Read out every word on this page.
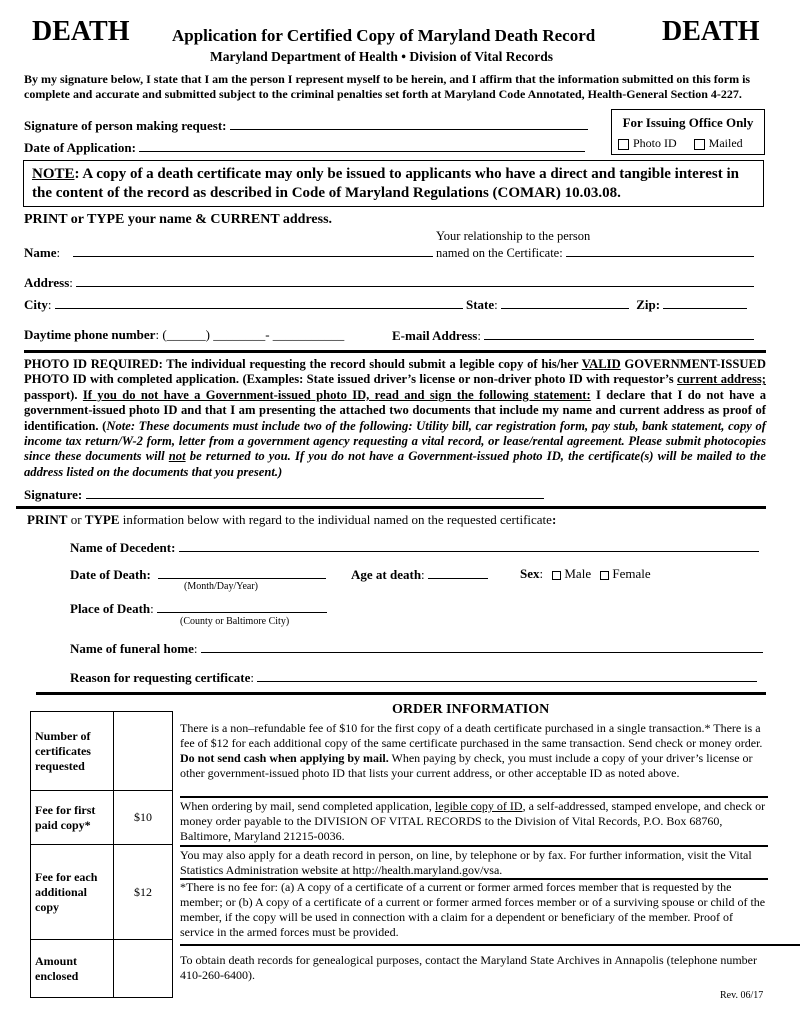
DEATH	DEATH
Application for Certified Copy of Maryland Death Record
Maryland Department of Health • Division of Vital Records
By my signature below, I state that I am the person I represent myself to be herein, and I affirm that the information submitted on this form is complete and accurate and submitted subject to the criminal penalties set forth at Maryland Code Annotated, Health-General Section 4-227.
Signature of person making request:
Date of Application:
For Issuing Office Only
Photo ID	Mailed
NOTE: A copy of a death certificate may only be issued to applicants who have a direct and tangible interest in the content of the record as described in Code of Maryland Regulations (COMAR) 10.03.08.
PRINT or TYPE your name & CURRENT address.
Your relationship to the person
named on the Certificate:
Name:
Address:
City:	State:	Zip:
Daytime phone number: (______) ________- ___________	E-mail Address:
PHOTO ID REQUIRED: The individual requesting the record should submit a legible copy of his/her VALID GOVERNMENT-ISSUED PHOTO ID with completed application. (Examples: State issued driver’s license or non-driver photo ID with requestor’s current address; passport). If you do not have a Government-issued photo ID, read and sign the following statement: I declare that I do not have a government-issued photo ID and that I am presenting the attached two documents that include my name and current address as proof of identification. (Note: These documents must include two of the following: Utility bill, car registration form, pay stub, bank statement, copy of income tax return/W-2 form, letter from a government agency requesting a vital record, or lease/rental agreement. Please submit photocopies since these documents will not be returned to you. If you do not have a Government-issued photo ID, the certificate(s) will be mailed to the address listed on the documents that you present.)
Signature:
PRINT or TYPE information below with regard to the individual named on the requested certificate:
Name of Decedent:
Date of Death:
(Month/Day/Year)
Age at death:	Sex: Male Female
Place of Death:
(County or Baltimore City)
Name of funeral home:
Reason for requesting certificate:
ORDER INFORMATION
Number of certificates requested	
Fee for first paid copy*	$10
Fee for each additional copy	$12
Amount enclosed	
There is a non–refundable fee of $10 for the first copy of a death certificate purchased in a single transaction.* There is a fee of $12 for each additional copy of the same certificate purchased in the same transaction. Send check or money order. Do not send cash when applying by mail. When paying by check, you must include a copy of your driver’s license or other government-issued photo ID that lists your current address, or other acceptable ID as noted above.
When ordering by mail, send completed application, legible copy of ID, a self-addressed, stamped envelope, and check or money order payable to the DIVISION OF VITAL RECORDS to the Division of Vital Records, P.O. Box 68760, Baltimore, Maryland 21215-0036.
You may also apply for a death record in person, on line, by telephone or by fax. For further information, visit the Vital Statistics Administration website at http://health.maryland.gov/vsa.
*There is no fee for: (a) A copy of a certificate of a current or former armed forces member that is requested by the member; or (b) A copy of a certificate of a current or former armed forces member or of a surviving spouse or child of the member, if the copy will be used in connection with a claim for a dependent or beneficiary of the member. Proof of service in the armed forces must be provided.
To obtain death records for genealogical purposes, contact the Maryland State Archives in Annapolis (telephone number 410-260-6400).
Rev. 06/17
